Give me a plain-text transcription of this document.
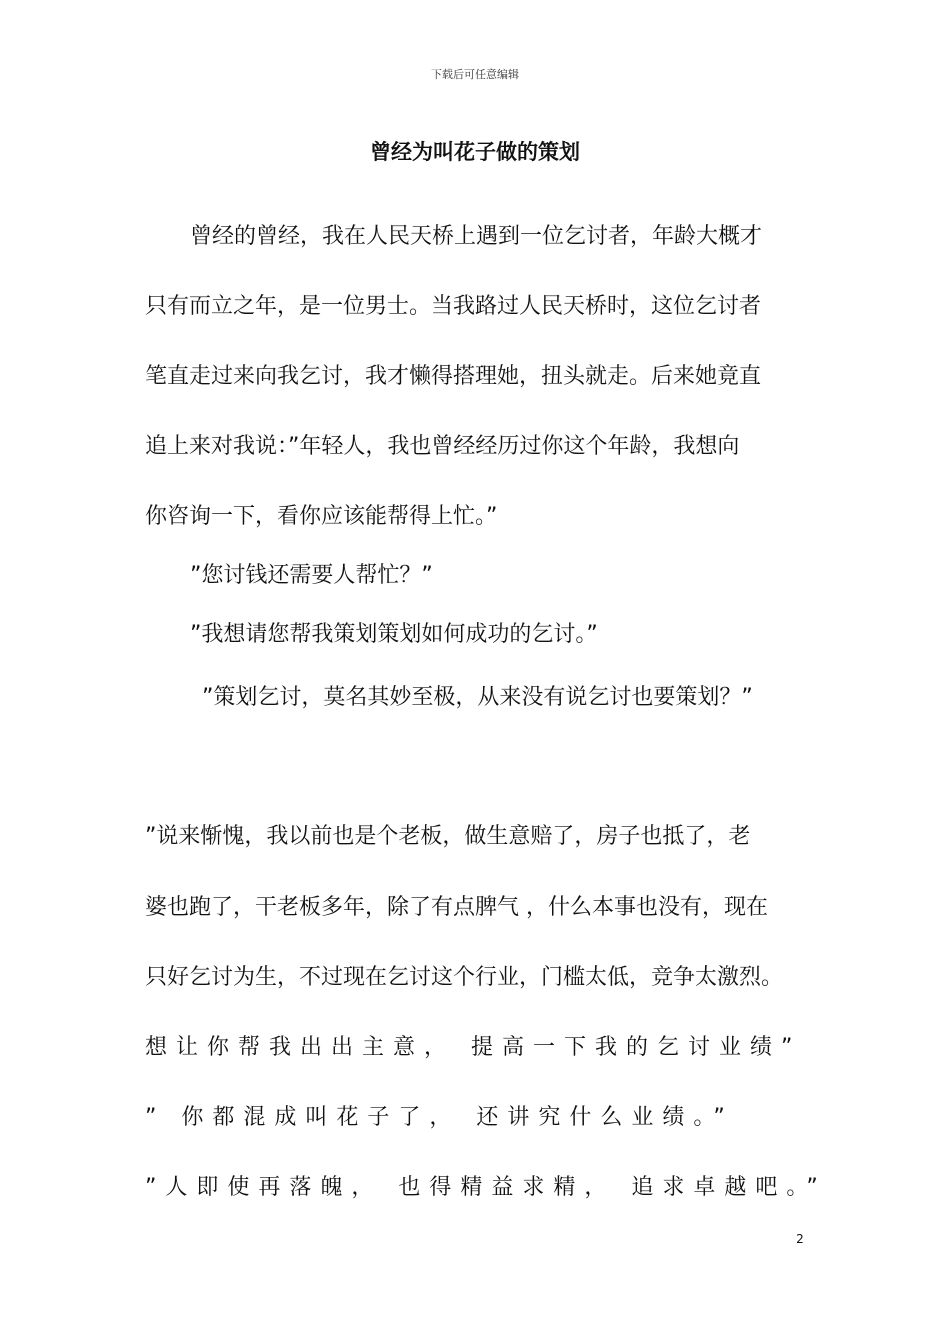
下载后可任意编辑
曾经为叫花子做的策划
曾经的曾经，我在人民天桥上遇到一位乞讨者，年龄大概才
只有而立之年，是一位男士。当我路过人民天桥时，这位乞讨者
笔直走过来向我乞讨，我才懒得搭理她，扭头就走。后来她竟直
追上来对我说：”年轻人，我也曾经经历过你这个年龄，我想向
你咨询一下，看你应该能帮得上忙。”
”您讨钱还需要人帮忙？”
”我想请您帮我策划策划如何成功的乞讨。”
”策划乞讨，莫名其妙至极，从来没有说乞讨也要策划？”
”说来惭愧，我以前也是个老板，做生意赔了，房子也抵了，老
婆也跑了，干老板多年，除了有点脾气 ，什么本事也没有，现在
只好乞讨为生，不过现在乞讨这个行业，门槛太低，竞争太激烈。
想让你帮我出出主意， 提高一下我的乞讨业绩”
” 你都混成叫花子了， 还讲究什么业绩。”
”人即使再落魄， 也得精益求精， 追求卓越吧。”
2
